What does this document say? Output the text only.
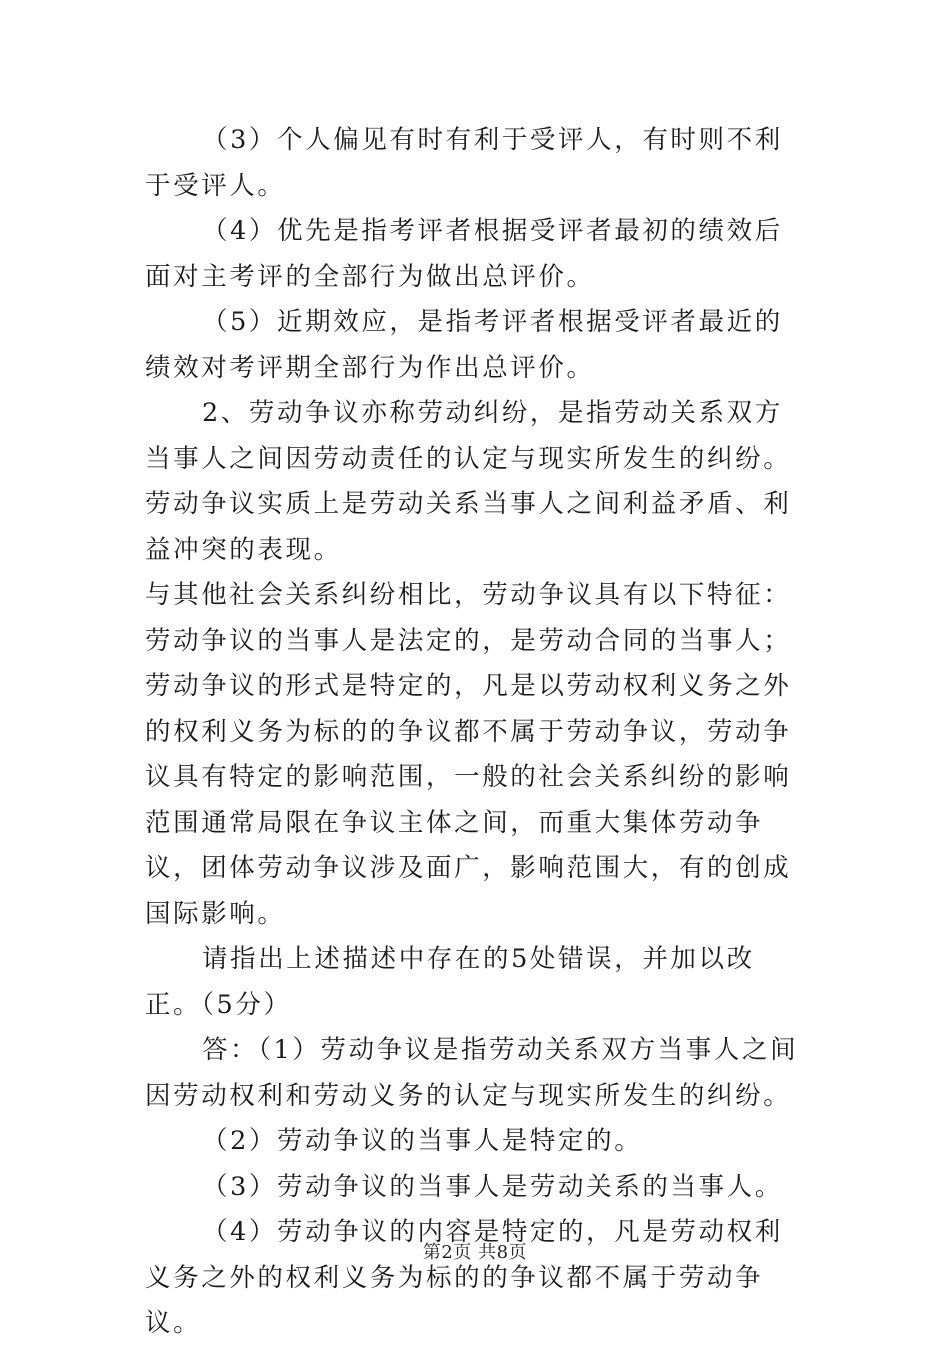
（3）个人偏见有时有利于受评人，有时则不利于受评人。

（4）优先是指考评者根据受评者最初的绩效后面对主考评的全部行为做出总评价。

（5）近期效应，是指考评者根据受评者最近的绩效对考评期全部行为作出总评价。

2、劳动争议亦称劳动纠纷，是指劳动关系双方当事人之间因劳动责任的认定与现实所发生的纠纷。劳动争议实质上是劳动关系当事人之间利益矛盾、利益冲突的表现。

与其他社会关系纠纷相比，劳动争议具有以下特征：劳动争议的当事人是法定的，是劳动合同的当事人；劳动争议的形式是特定的，凡是以劳动权利义务之外的权利义务为标的的争议都不属于劳动争议，劳动争议具有特定的影响范围，一般的社会关系纠纷的影响范围通常局限在争议主体之间，而重大集体劳动争议，团体劳动争议涉及面广，影响范围大，有的创成国际影响。

请指出上述描述中存在的5处错误，并加以改正。（5分）

答：（1）劳动争议是指劳动关系双方当事人之间因劳动权利和劳动义务的认定与现实所发生的纠纷。

（2）劳动争议的当事人是特定的。

（3）劳动争议的当事人是劳动关系的当事人。

（4）劳动争议的内容是特定的，凡是劳动权利义务之外的权利义务为标的的争议都不属于劳动争议。

第2页 共8页
